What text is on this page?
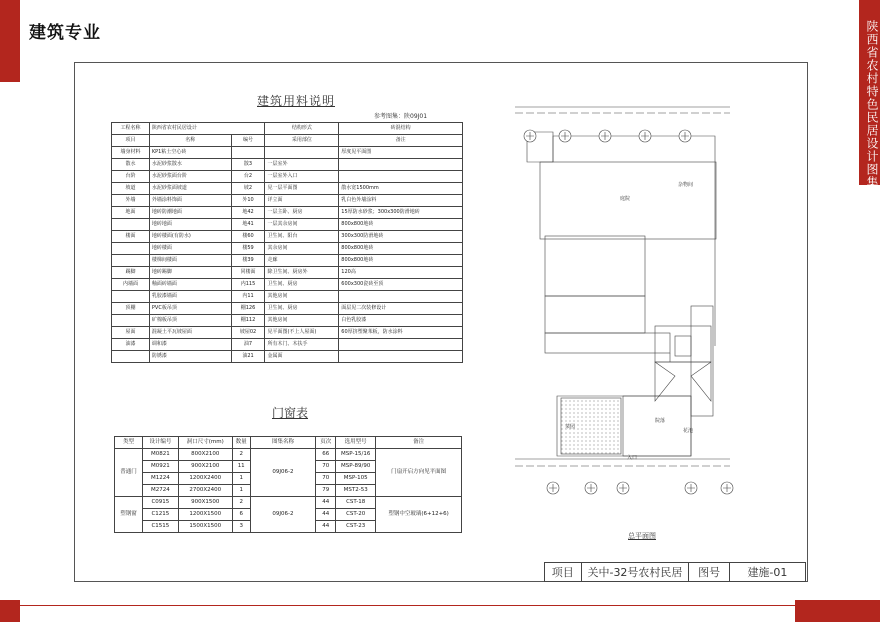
建筑专业	陕西省农村特色民居设计图集
建筑用料说明
参考图集：陕09J01
工程名称	陕西省农村民居设计		结构形式	砖混结构
项目	名称	编号	采用部位	备注
墙身材料	KP1粘土空心砖			厚度见平面图
散水	水泥砂浆散水	散3	一层室外	
台阶	水泥砂浆面台阶	台2	一层室外入口	
坡道	水泥砂浆面坡道	坡2	见一层平面图	散水宽1500mm
外墙	外墙涂料饰面	外10	详立面	乳白色外墙涂料
地面	地砖防潮地面	地42	一层主卧、厨房	15厚防水砂浆；300x300防滑地砖
	地砖地面	地41	一层其余房间	800x800地砖
楼面	地砖楼面(有防水)	楼60	卫生间、阳台	300x300防滑地砖
	地砖楼面	楼59	其余房间	800x800地砖
	楼梯间楼面	楼39	走廊	800x800地砖
踢脚	地砖踢脚	同楼面	除卫生间、厨房外	120高
内墙面	釉面砖墙面	内115	卫生间、厨房	600x300瓷砖至顶
	乳胶漆墙面	内11	其他房间	
顶棚	PVC板吊顶	棚126	卫生间、厨房	面层见二次装修设计
	矿棉板吊顶	棚112	其他房间	白色乳胶漆
屋面	混凝土平瓦坡屋面	坡屋02	见平面图(不上人屋面)	60厚挤塑聚苯板，防水涂料
油漆	调和漆	油7	所有木门、木扶手	
	防锈漆	油21	金属面	
门窗表
类型	设计编号	洞口尺寸(mm)	数量	图集名称	页次	选用型号	备注
普通门	M0821	800X2100	2	09J06-2	66	MSP-15/16	门扇开启方向见平面图
	M0921	900X2100	11		70	MSP-89/90	
	M1224	1200X2400	1		70	MSP-105	
	M2724	2700X2400	1		79	MST2-53	
塑钢窗	C0915	900X1500	2	09J06-2	44	CST-18	塑钢中空玻璃(6+12+6)
	C1215	1200X1500	6		44	CST-20	
	C1515	1500X1500	3		44	CST-23	
庭院
杂物间
菜园
院落
花池
入口
总平面图
项目	关中-32号农村民居	图号	建施-01
